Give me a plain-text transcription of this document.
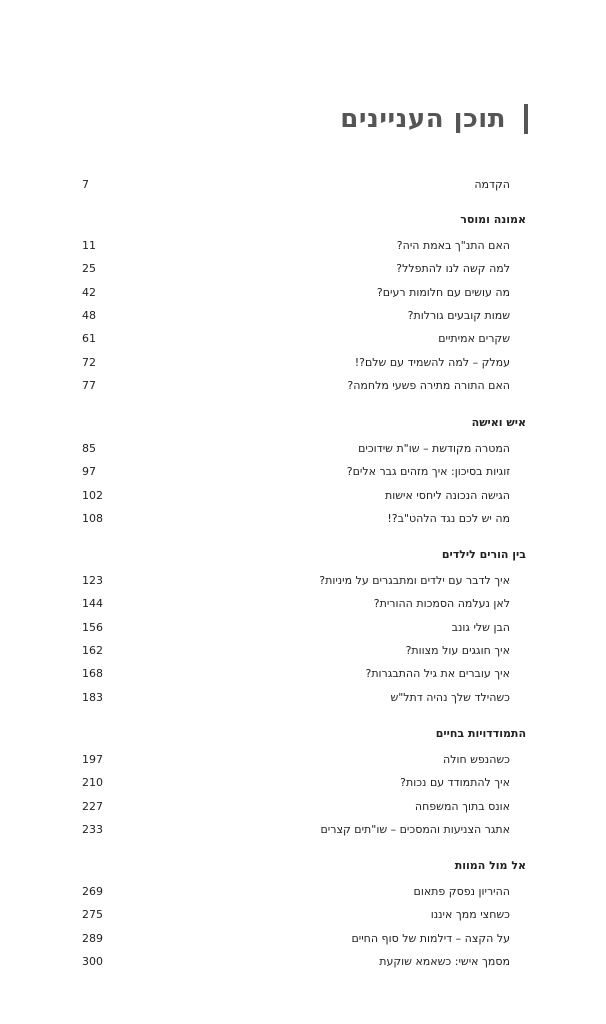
תוכן העניינים
הקדמה
7
אמונה ומוסר
האם התנ"ך באמת היה?
11
למה קשה לנו להתפלל?
25
מה עושים עם חלומות רעים?
42
שמות קובעים גורלות?
48
שקרים אמיתיים
61
עמלק – למה להשמיד עם שלם?!
72
האם התורה מתירה פשעי מלחמה?
77
איש ואישה
המטרה מקודשת – שו"ת שידוכים
85
זוגיות בסיכון: איך מזהים גבר אלים?
97
הגישה הנכונה ליחסי אישות
102
מה יש לכם נגד הלהט"ב?!
108
בין הורים לילדים
איך לדבר עם ילדים ומתבגרים על מיניות?
123
לאן נעלמה הסמכות ההורית?
144
הבן שלי גונב
156
איך חוגגים עול מצוות?
162
איך עוברים את גיל ההתבגרות?
168
כשהילד שלך נהיה דתל"ש
183
התמודדויות בחיים
כשהנפש חולה
197
איך להתמודד עם נכות?
210
אונס בתוך המשפחה
227
אתגר הצניעות והמסכים – שו"תים קצרים
233
אל מול המוות
ההיריון נפסק פתאום
269
כשחצי ממך איננו
275
על הקצה – דילמות של סוף החיים
289
מסמך אישי: כשאמא שוקעת
300
